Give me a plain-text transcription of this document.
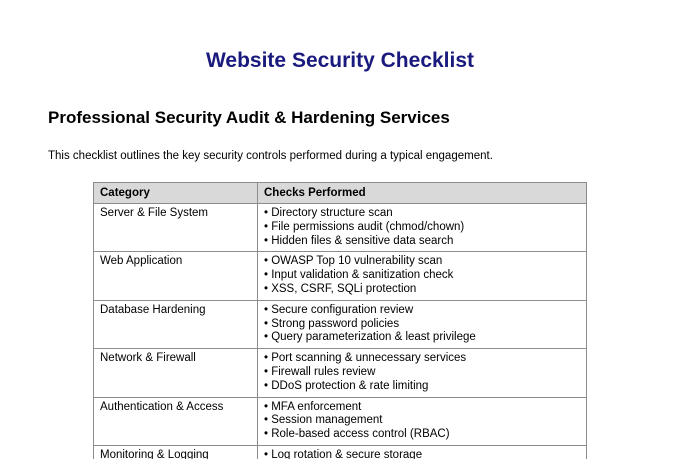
Website Security Checklist
Professional Security Audit & Hardening Services
This checklist outlines the key security controls performed during a typical engagement.
Category	Checks Performed
Server & File System	• Directory structure scan
• File permissions audit (chmod/chown)
• Hidden files & sensitive data search

Web Application	• OWASP Top 10 vulnerability scan
• Input validation & sanitization check
• XSS, CSRF, SQLi protection

Database Hardening	• Secure configuration review
• Strong password policies
• Query parameterization & least privilege

Network & Firewall	• Port scanning & unnecessary services
• Firewall rules review
• DDoS protection & rate limiting

Authentication & Access	• MFA enforcement
• Session management
• Role-based access control (RBAC)

Monitoring & Logging	• Log rotation & secure storage
